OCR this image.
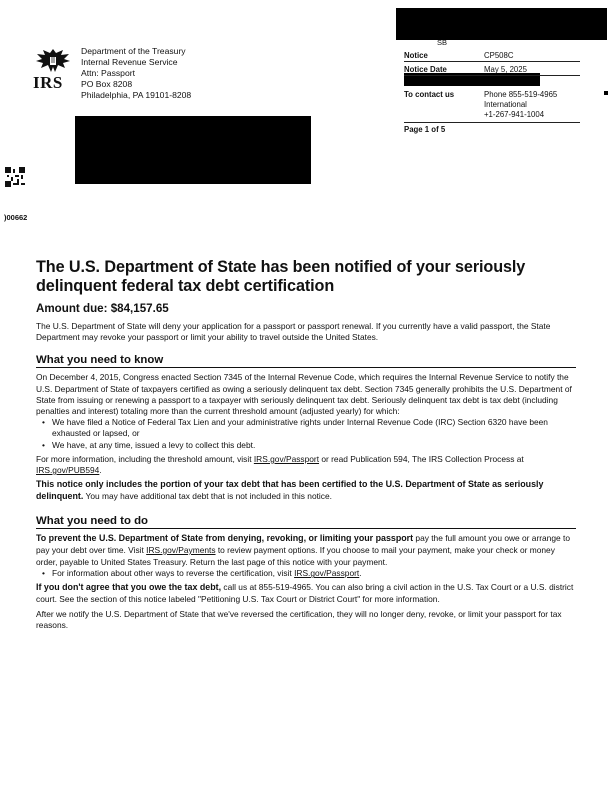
IRS
Department of the Treasury
Internal Revenue Service
Attn: Passport
PO Box 8208
Philadelphia, PA 19101-8208
SB
Notice	CP508C
Notice Date	May 5, 2025
To contact us	Phone 855-519-4965
International
+1-267-941-1004
Page 1 of 5
)00662
The U.S. Department of State has been notified of your seriously delinquent federal tax debt certification
Amount due: $84,157.65

The U.S. Department of State will deny your application for a passport or passport renewal. If you currently have a valid passport, the State Department may revoke your passport or limit your ability to travel outside the United States.

What you need to know

On December 4, 2015, Congress enacted Section 7345 of the Internal Revenue Code, which requires the Internal Revenue Service to notify the U.S. Department of State of taxpayers certified as owing a seriously delinquent tax debt. Section 7345 generally prohibits the U.S. Department of State from issuing or renewing a passport to a taxpayer with seriously delinquent tax debt. Seriously delinquent tax debt is tax debt (including penalties and interest) totaling more than the current threshold amount (adjusted yearly) for which:

• We have filed a Notice of Federal Tax Lien and your administrative rights under Internal Revenue Code (IRC) Section 6320 have been exhausted or lapsed, or
• We have, at any time, issued a levy to collect this debt.

For more information, including the threshold amount, visit IRS.gov/Passport or read Publication 594, The IRS Collection Process at IRS.gov/PUB594.

This notice only includes the portion of your tax debt that has been certified to the U.S. Department of State as seriously delinquent. You may have additional tax debt that is not included in this notice.

What you need to do

To prevent the U.S. Department of State from denying, revoking, or limiting your passport pay the full amount you owe or arrange to pay your debt over time. Visit IRS.gov/Payments to review payment options. If you choose to mail your payment, make your check or money order, payable to United States Treasury. Return the last page of this notice with your payment.

• For information about other ways to reverse the certification, visit IRS.gov/Passport.

If you don't agree that you owe the tax debt, call us at 855-519-4965. You can also bring a civil action in the U.S. Tax Court or a U.S. district court. See the section of this notice labeled "Petitioning U.S. Tax Court or District Court" for more information.

After we notify the U.S. Department of State that we've reversed the certification, they will no longer deny, revoke, or limit your passport for tax reasons.
